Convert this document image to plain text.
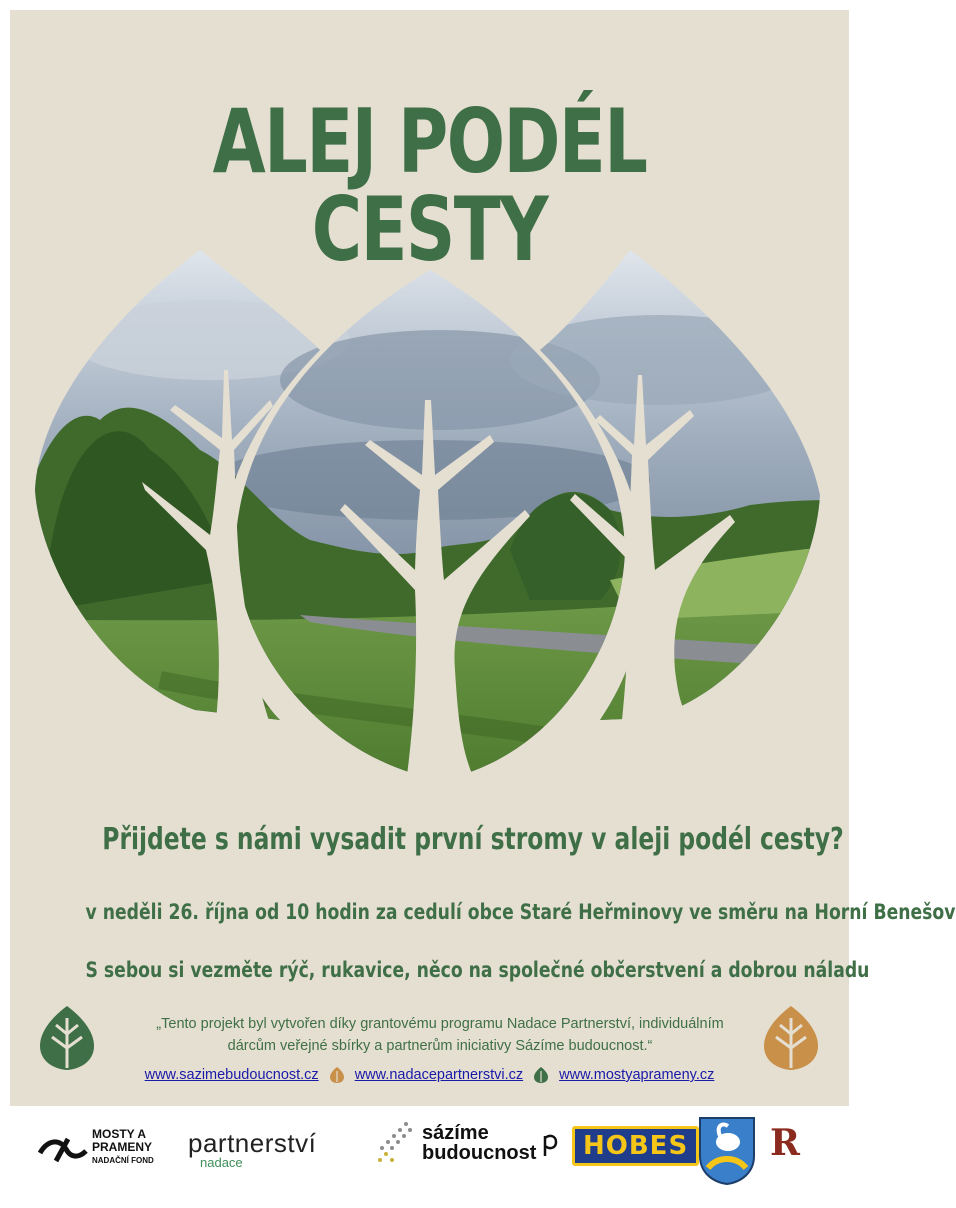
ALEJ PODÉL CESTY
Přijdete s námi vysadit první stromy v aleji podél cesty?
v neděli 26. října od 10 hodin za cedulí obce Staré Heřminovy ve směru na Horní Benešov
S sebou si vezměte rýč, rukavice, něco na společné občerstvení a dobrou náladu
„Tento projekt byl vytvořen díky grantovému programu Nadace Partnerství, individuálním
dárcům veřejné sbírky a partnerům iniciativy Sázíme budoucnost.“
www.sazimebudoucnost.cz www.nadacepartnerstvi.cz www.mostyaprameny.cz
MOSTY A
PRAMENY
NADAČNÍ FOND
partnerství
nadace
sázíme
budoucnost	HOBES	R
